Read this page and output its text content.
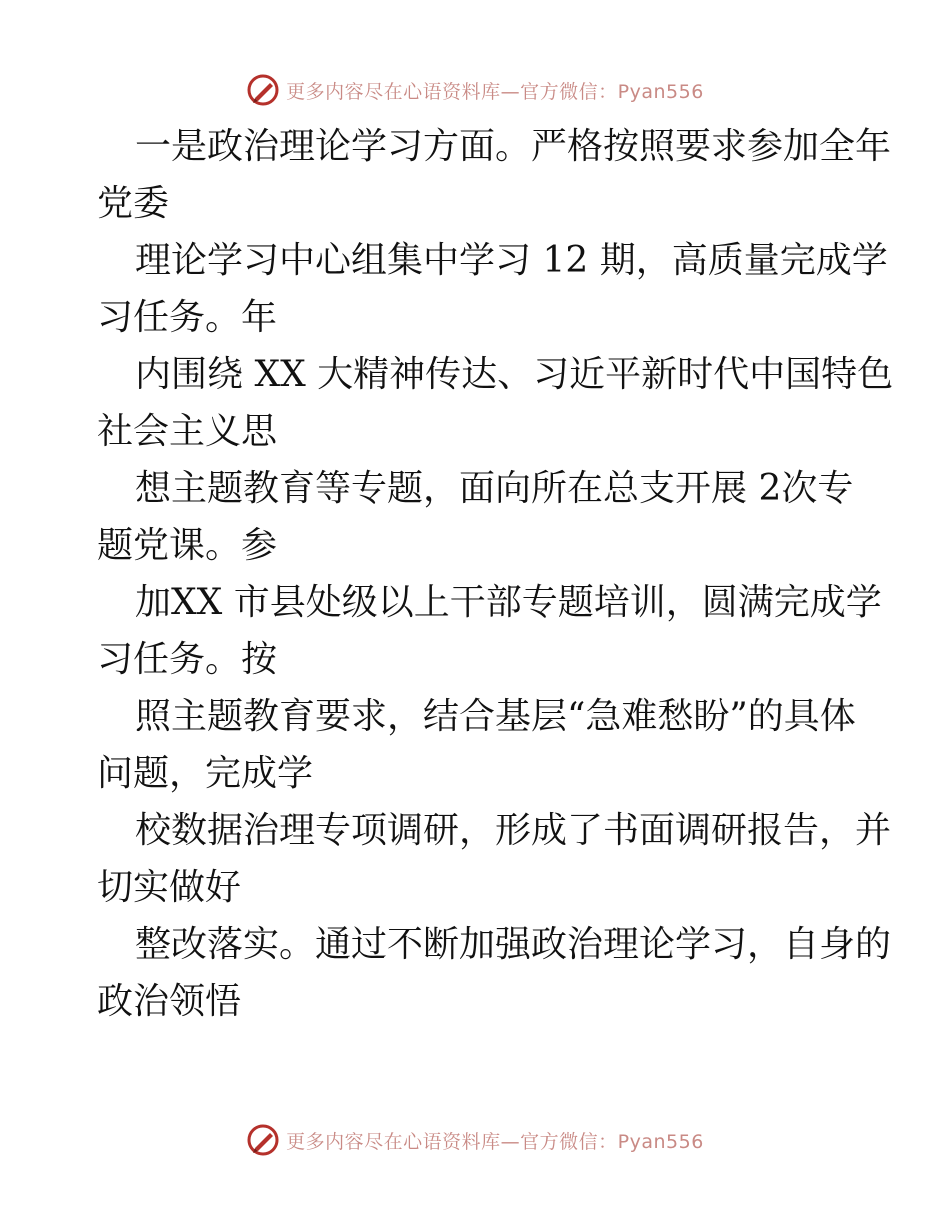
更多内容尽在心语资料库—官方微信：Pyan556

一是政治理论学习方面。严格按照要求参加全年
党委

理论学习中心组集中学习 12 期，高质量完成学
习任务。年

内围绕 XX 大精神传达、习近平新时代中国特色
社会主义思

想主题教育等专题，面向所在总支开展 2次专
题党课。参

加XX 市县处级以上干部专题培训，圆满完成学
习任务。按

照主题教育要求，结合基层“急难愁盼”的具体
问题，完成学

校数据治理专项调研，形成了书面调研报告，并
切实做好

整改落实。通过不断加强政治理论学习，自身的
政治领悟

更多内容尽在心语资料库—官方微信：Pyan556
